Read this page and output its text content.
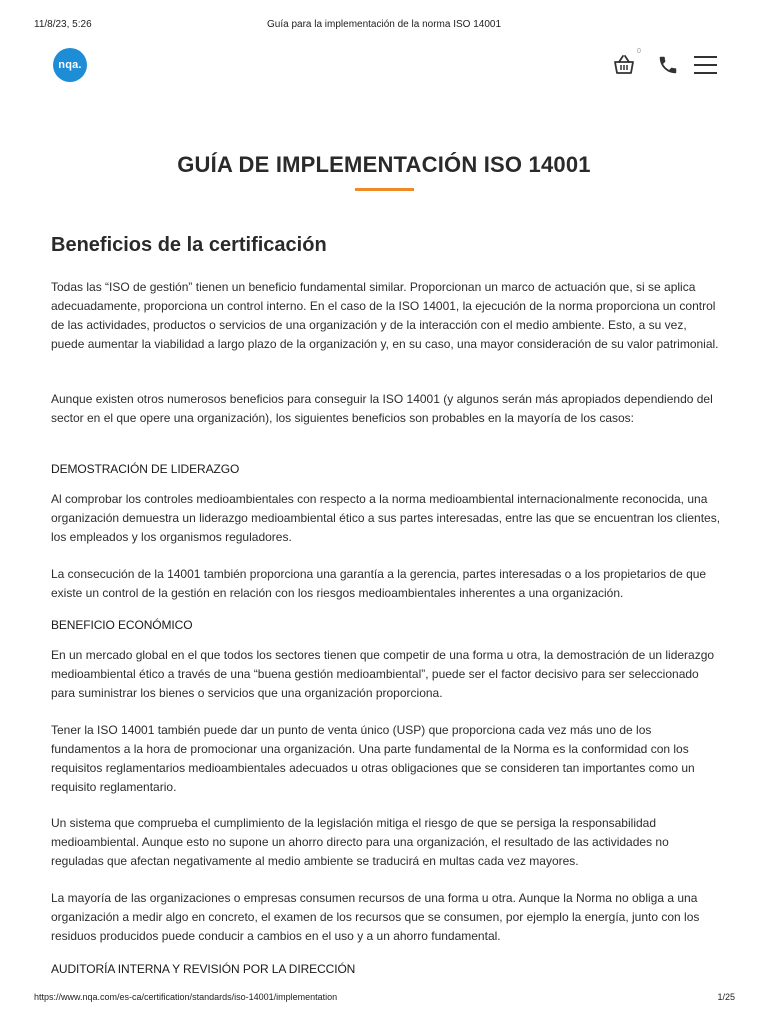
11/8/23, 5:26	Guía para la implementación de la norma ISO 14001
nqa.
0
GUÍA DE IMPLEMENTACIÓN ISO 14001
Beneficios de la certificación

Todas las “ISO de gestión” tienen un beneficio fundamental similar. Proporcionan un marco de actuación que, si se aplica adecuadamente, proporciona un control interno. En el caso de la ISO 14001, la ejecución de la norma proporciona un control de las actividades, productos o servicios de una organización y de la interacción con el medio ambiente. Esto, a su vez, puede aumentar la viabilidad a largo plazo de la organización y, en su caso, una mayor consideración de su valor patrimonial.

Aunque existen otros numerosos beneficios para conseguir la ISO 14001 (y algunos serán más apropiados dependiendo del sector en el que opere una organización), los siguientes beneficios son probables en la mayoría de los casos:

DEMOSTRACIÓN DE LIDERAZGO

Al comprobar los controles medioambientales con respecto a la norma medioambiental internacionalmente reconocida, una organización demuestra un liderazgo medioambiental ético a sus partes interesadas, entre las que se encuentran los clientes, los empleados y los organismos reguladores.

La consecución de la 14001 también proporciona una garantía a la gerencia, partes interesadas o a los propietarios de que existe un control de la gestión en relación con los riesgos medioambientales inherentes a una organización.

BENEFICIO ECONÓMICO

En un mercado global en el que todos los sectores tienen que competir de una forma u otra, la demostración de un liderazgo medioambiental ético a través de una “buena gestión medioambiental”, puede ser el factor decisivo para ser seleccionado para suministrar los bienes o servicios que una organización proporciona.

Tener la ISO 14001 también puede dar un punto de venta único (USP) que proporciona cada vez más uno de los fundamentos a la hora de promocionar una organización. Una parte fundamental de la Norma es la conformidad con los requisitos reglamentarios medioambientales adecuados u otras obligaciones que se consideren tan importantes como un requisito reglamentario.

Un sistema que comprueba el cumplimiento de la legislación mitiga el riesgo de que se persiga la responsabilidad medioambiental. Aunque esto no supone un ahorro directo para una organización, el resultado de las actividades no reguladas que afectan negativamente al medio ambiente se traducirá en multas cada vez mayores.

La mayoría de las organizaciones o empresas consumen recursos de una forma u otra. Aunque la Norma no obliga a una organización a medir algo en concreto, el examen de los recursos que se consumen, por ejemplo la energía, junto con los residuos producidos puede conducir a cambios en el uso y a un ahorro fundamental.

AUDITORÍA INTERNA Y REVISIÓN POR LA DIRECCIÓN
https://www.nqa.com/es-ca/certification/standards/iso-14001/implementation	1/25
